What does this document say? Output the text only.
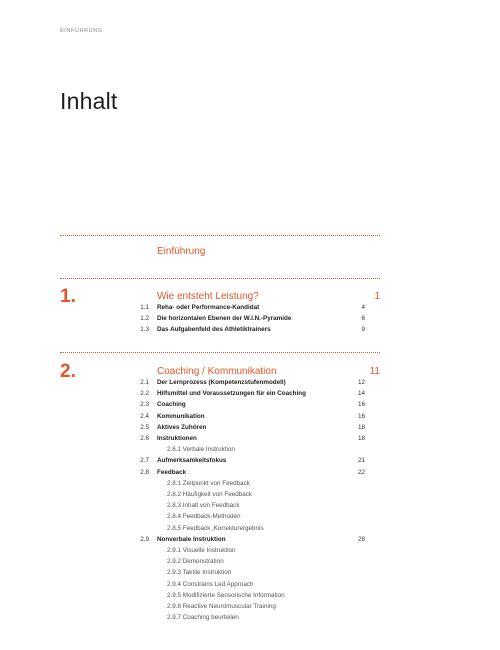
EINFÜHRUNG
Inhalt
Einführung
1.	Wie entsteht Leistung?	1
1.1 Reha- oder Performance-Kandidat	4
1.2 Die horizontalen Ebenen der W.I.N.-Pyramide	6
1.3 Das Aufgabenfeld des Athletiktrainers	9
2.	Coaching / Kommunikation	11
2.1 Der Lernprozess (Kompetenzstufenmodell)	12
2.2 Hilfsmittel und Voraussetzungen für ein Coaching	14
2.3 Coaching	16
2.4 Kommunikation	16
2.5 Aktives Zuhören	18
2.6 Instruktionen	18
2.6.1 Verbale Instruktion
2.7 Aufmerksamkeitsfokus	21
2.8 Feedback	22
2.8.1 Zeitpunkt von Feedback
2.8.2 Häufigkeit von Feedback
2.8.3 Inhalt von Feedback
2.8.4 Feedback-Methoden
2.8.5 Feedback ‚Korrekturergebnis
2.9 Nonverbale Instruktion	28
2.9.1 Visuelle Instruktion
2.9.2 Demonstration
2.9.3 Taktile Instruktion
2.9.4 Constrains Led Approach
2.9.5 Modifizierte Sensorische Information
2.9.6 Reactive Neuromuscular Training
2.9.7 Coaching beurteilen
